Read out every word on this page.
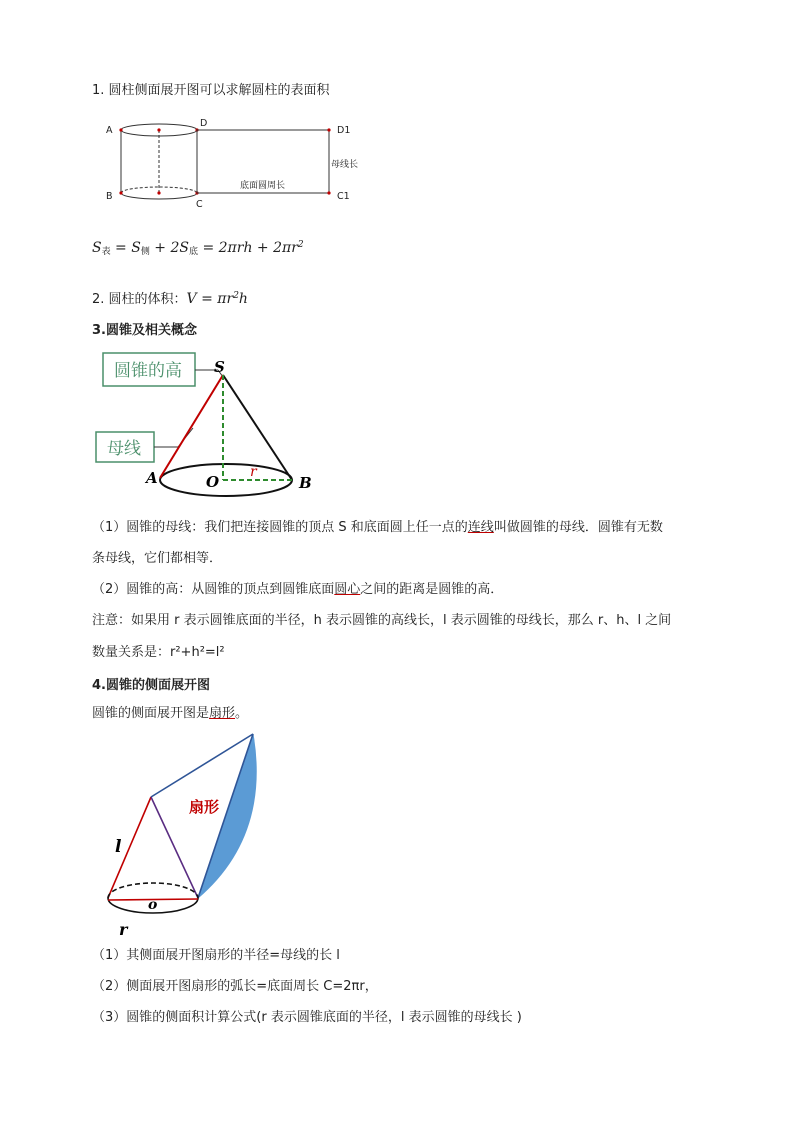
1. 圆柱侧面展开图可以求解圆柱的表面积
A
B
C
D
D1
C1
母线长
底面圆周长
$S_表 = S_侧 + 2S_底 = 2\pi rh + 2\pi r^2$
2. 圆柱的体积：$V = \pi r^2h$
3.圆锥及相关概念
圆锥的高
母线
S
A	O	B
r
（1）圆锥的母线：我们把连接圆锥的顶点 S 和底面圆上任一点的连线叫做圆锥的母线．圆锥有无数
条母线，它们都相等．
（2）圆锥的高：从圆锥的顶点到圆锥底面圆心之间的距离是圆锥的高．
注意：如果用 r 表示圆锥底面的半径，h 表示圆锥的高线长，l 表示圆锥的母线长，那么 r、h、l 之间
数量关系是：r²+h²=l²
4.圆锥的侧面展开图
圆锥的侧面展开图是扇形。
扇形
l
o
r
（1）其侧面展开图扇形的半径=母线的长 l
（2）侧面展开图扇形的弧长=底面周长 C=2πr，
（3）圆锥的侧面积计算公式(r 表示圆锥底面的半径，l 表示圆锥的母线长 )
